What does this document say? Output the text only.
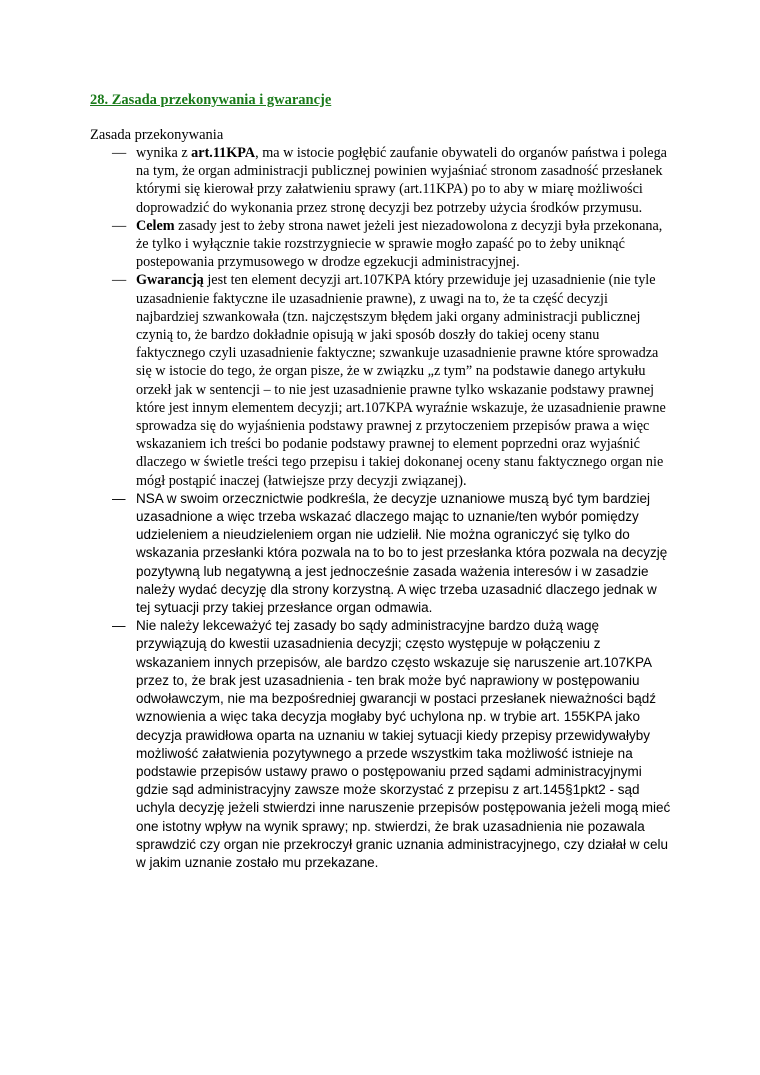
28. Zasada przekonywania i gwarancje

Zasada przekonywania

— wynika z art.11KPA, ma w istocie pogłębić zaufanie obywateli do organów państwa i polega na tym, że organ administracji publicznej powinien wyjaśniać stronom zasadność przesłanek którymi się kierował przy załatwieniu sprawy (art.11KPA) po to aby w miarę możliwości doprowadzić do wykonania przez stronę decyzji bez potrzeby użycia środków przymusu.
— Celem zasady jest to żeby strona nawet jeżeli jest niezadowolona z decyzji była przekonana, że tylko i wyłącznie takie rozstrzygniecie w sprawie mogło zapaść po to żeby uniknąć postepowania przymusowego w drodze egzekucji administracyjnej.
— Gwarancją jest ten element decyzji art.107KPA który przewiduje jej uzasadnienie (nie tyle uzasadnienie faktyczne ile uzasadnienie prawne), z uwagi na to, że ta część decyzji najbardziej szwankowała (tzn. najczęstszym błędem jaki organy administracji publicznej czynią to, że bardzo dokładnie opisują w jaki sposób doszły do takiej oceny stanu faktycznego czyli uzasadnienie faktyczne; szwankuje uzasadnienie prawne które sprowadza się w istocie do tego, że organ pisze, że w związku „z tym” na podstawie danego artykułu orzekł jak w sentencji – to nie jest uzasadnienie prawne tylko wskazanie podstawy prawnej które jest innym elementem decyzji; art.107KPA wyraźnie wskazuje, że uzasadnienie prawne sprowadza się do wyjaśnienia podstawy prawnej z przytoczeniem przepisów prawa a więc wskazaniem ich treści bo podanie podstawy prawnej to element poprzedni oraz wyjaśnić dlaczego w świetle treści tego przepisu i takiej dokonanej oceny stanu faktycznego organ nie mógł postąpić inaczej (łatwiejsze przy decyzji związanej).
— NSA w swoim orzecznictwie podkreśla, że decyzje uznaniowe muszą być tym bardziej uzasadnione a więc trzeba wskazać dlaczego mając to uznanie/ten wybór pomiędzy udzieleniem a nieudzieleniem organ nie udzielił. Nie można ograniczyć się tylko do wskazania przesłanki która pozwala na to bo to jest przesłanka która pozwala na decyzję pozytywną lub negatywną a jest jednocześnie zasada ważenia interesów i w zasadzie należy wydać decyzję dla strony korzystną. A więc trzeba uzasadnić dlaczego jednak w tej sytuacji przy takiej przesłance organ odmawia.
— Nie należy lekceważyć tej zasady bo sądy administracyjne bardzo dużą wagę przywiązują do kwestii uzasadnienia decyzji; często występuje w połączeniu z wskazaniem innych przepisów, ale bardzo często wskazuje się naruszenie art.107KPA przez to, że brak jest uzasadnienia - ten brak może być naprawiony w postępowaniu odwoławczym, nie ma bezpośredniej gwarancji w postaci przesłanek nieważności bądź wznowienia a więc taka decyzja mogłaby być uchylona np. w trybie art. 155KPA jako decyzja prawidłowa oparta na uznaniu w takiej sytuacji kiedy przepisy przewidywałyby możliwość załatwienia pozytywnego a przede wszystkim taka możliwość istnieje na podstawie przepisów ustawy prawo o postępowaniu przed sądami administracyjnymi gdzie sąd administracyjny zawsze może skorzystać z przepisu z art.145§1pkt2 - sąd uchyla decyzję jeżeli stwierdzi inne naruszenie przepisów postępowania jeżeli mogą mieć one istotny wpływ na wynik sprawy; np. stwierdzi, że brak uzasadnienia nie pozawala sprawdzić czy organ nie przekroczył granic uznania administracyjnego, czy działał w celu w jakim uznanie zostało mu przekazane.
